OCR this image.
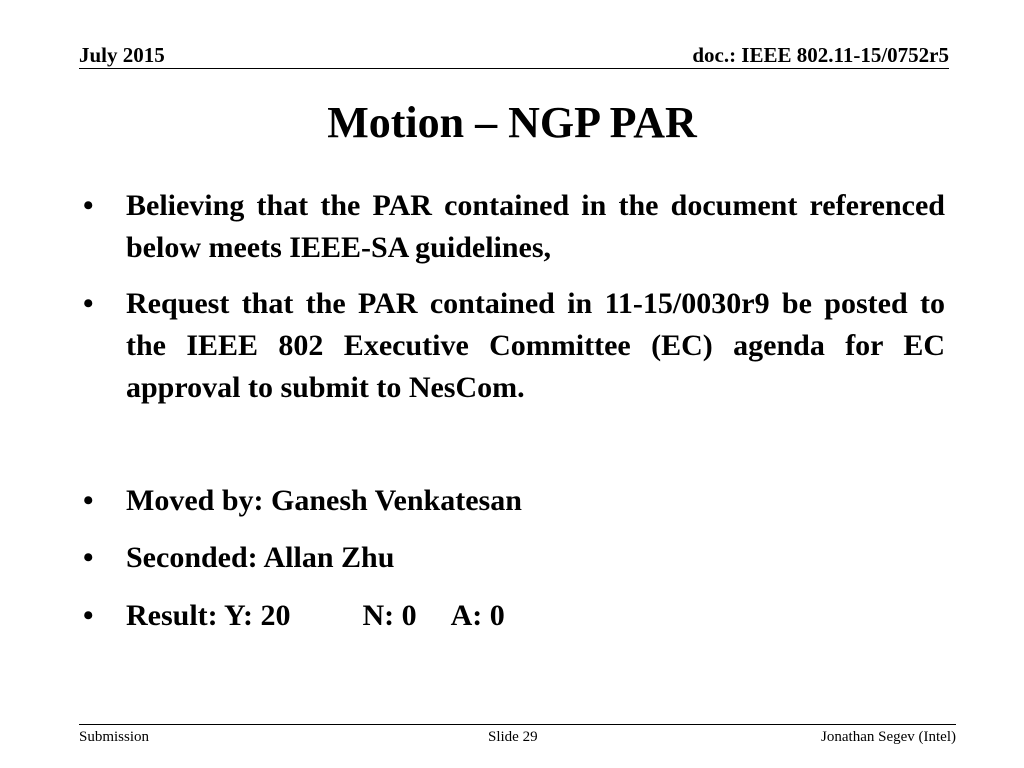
July 2015	doc.: IEEE 802.11-15/0752r5
Motion – NGP PAR
•	Believing that the PAR contained in the document referenced below meets IEEE-SA guidelines,
•	Request that the PAR contained in 11-15/0030r9 be posted to the IEEE 802 Executive Committee (EC) agenda for EC approval to submit to NesCom.
•	Moved by: Ganesh Venkatesan
•	Seconded: Allan Zhu
•	Result: Y: 20 N: 0 A: 0
Submission	Slide 29	Jonathan Segev (Intel)
